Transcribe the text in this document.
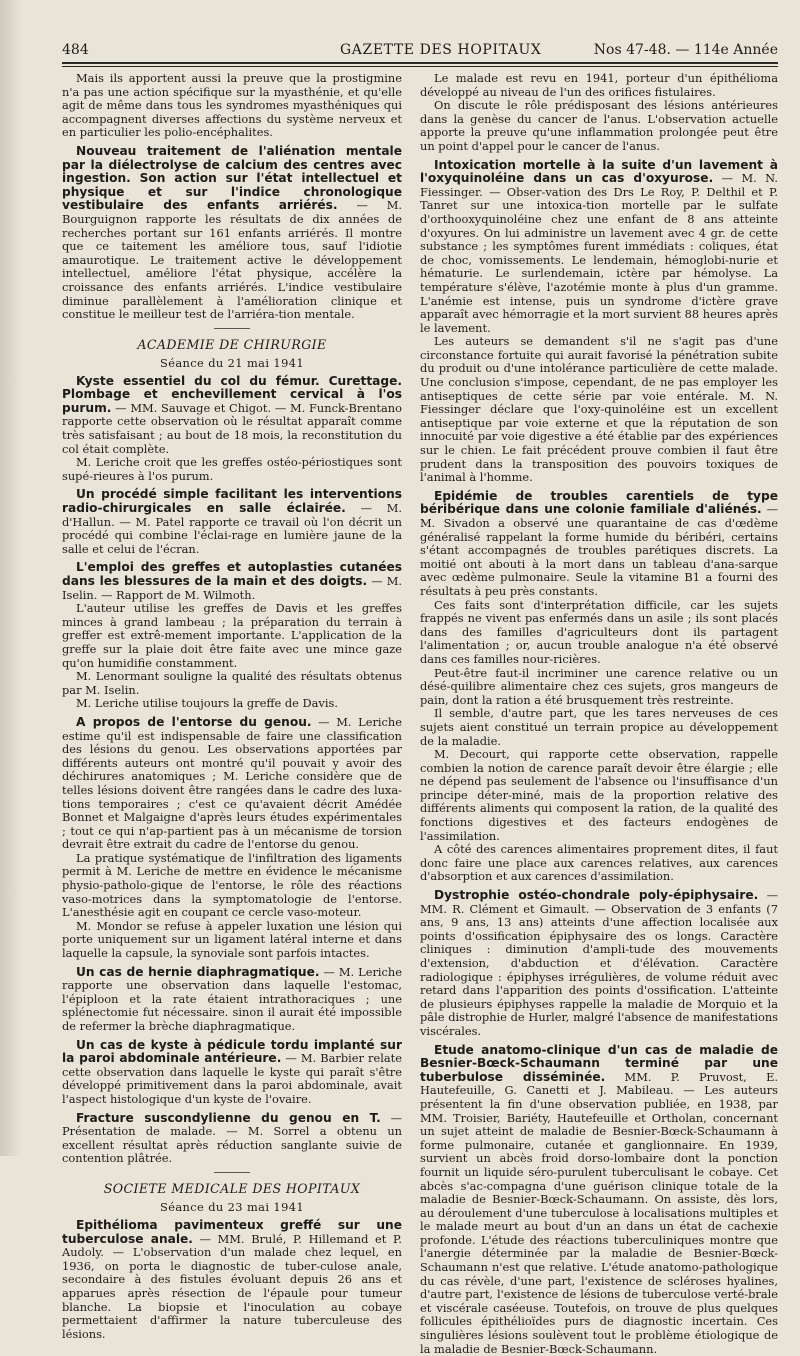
484	GAZETTE DES HOPITAUX	Nos 47-48. — 114e Année

Mais ils apportent aussi la preuve que la prostigmine n'a pas une action spécifique sur la myasthénie, et qu'elle agit de même dans tous les syndromes myasthéniques qui accompagnent diverses affections du système nerveux et en particulier les polio-encéphalites.

Nouveau traitement de l'aliénation mentale par la diélectrolyse de calcium des centres avec ingestion. Son action sur l'état intellectuel et physique et sur l'indice chronologique vestibulaire des enfants arriérés. — M. Bourguignon rapporte les résultats de dix années de recherches portant sur 161 enfants arriérés. Il montre que ce taitement les améliore tous, sauf l'idiotie amaurotique. Le traitement active le développement intellectuel, améliore l'état physique, accélère la croissance des enfants arriérés. L'indice vestibulaire diminue parallèlement à l'amélioration clinique et constitue le meilleur test de l'arriéra-tion mentale.

ACADEMIE DE CHIRURGIE
Séance du 21 mai 1941

Kyste essentiel du col du fémur. Curettage. Plombage et enchevillement cervical à l'os purum. — MM. Sauvage et Chigot. — M. Funck-Brentano rapporte cette observation où le résultat apparaît comme très satisfaisant ; au bout de 18 mois, la reconstitution du col était complète.

M. Leriche croit que les greffes ostéo-périostiques sont supé-rieures à l'os purum.

Un procédé simple facilitant les interventions radio-chirurgicales en salle éclairée. — M. d'Hallun. — M. Patel rapporte ce travail où l'on décrit un procédé qui combine l'éclai-rage en lumière jaune de la salle et celui de l'écran.

L'emploi des greffes et autoplasties cutanées dans les blessures de la main et des doigts. — M. Iselin. — Rapport de M. Wilmoth.

L'auteur utilise les greffes de Davis et les greffes minces à grand lambeau ; la préparation du terrain à greffer est extrê-mement importante. L'application de la greffe sur la plaie doit être faite avec une mince gaze qu'on humidifie constamment.

M. Lenormant souligne la qualité des résultats obtenus par M. Iselin.

M. Leriche utilise toujours la greffe de Davis.

A propos de l'entorse du genou. — M. Leriche estime qu'il est indispensable de faire une classification des lésions du genou. Les observations apportées par différents auteurs ont montré qu'il pouvait y avoir des déchirures anatomiques ; M. Leriche considère que de telles lésions doivent être rangées dans le cadre des luxa-tions temporaires ; c'est ce qu'avaient décrit Amédée Bonnet et Malgaigne d'après leurs études expérimentales ; tout ce qui n'ap-partient pas à un mécanisme de torsion devrait être extrait du cadre de l'entorse du genou.

La pratique systématique de l'infiltration des ligaments permit à M. Leriche de mettre en évidence le mécanisme physio-patholo-gique de l'entorse, le rôle des réactions vaso-motrices dans la symptomatologie de l'entorse. L'anesthésie agit en coupant ce cercle vaso-moteur.

M. Mondor se refuse à appeler luxation une lésion qui porte uniquement sur un ligament latéral interne et dans laquelle la capsule, la synoviale sont parfois intactes.

Un cas de hernie diaphragmatique. — M. Leriche rapporte une observation dans laquelle l'estomac, l'épiploon et la rate étaient intrathoraciques ; une splénectomie fut nécessaire. sinon il aurait été impossible de refermer la brèche diaphragmatique.

Un cas de kyste à pédicule tordu implanté sur la paroi abdominale antérieure. — M. Barbier relate cette observation dans laquelle le kyste qui paraît s'être développé primitivement dans la paroi abdominale, avait l'aspect histologique d'un kyste de l'ovaire.

Fracture suscondylienne du genou en T. — Présentation de malade. — M. Sorrel a obtenu un excellent résultat après réduction sanglante suivie de contention plâtrée.

SOCIETE MEDICALE DES HOPITAUX
Séance du 23 mai 1941

Epithélioma pavimenteux greffé sur une tuberculose anale. — MM. Brulé, P. Hillemand et P. Audoly. — L'observation d'un malade chez lequel, en 1936, on porta le diagnostic de tuber-culose anale, secondaire à des fistules évoluant depuis 26 ans et apparues après résection de l'épaule pour tumeur blanche. La biopsie et l'inoculation au cobaye permettaient d'affirmer la nature tuberculeuse des lésions.

Le malade est revu en 1941, porteur d'un épithélioma développé au niveau de l'un des orifices fistulaires.

On discute le rôle prédisposant des lésions antérieures dans la genèse du cancer de l'anus. L'observation actuelle apporte la preuve qu'une inflammation prolongée peut être un point d'appel pour le cancer de l'anus.

Intoxication mortelle à la suite d'un lavement à l'oxyquinoléine dans un cas d'oxyurose. — M. N. Fiessinger. — Obser-vation des Drs Le Roy, P. Delthil et P. Tanret sur une intoxica-tion mortelle par le sulfate d'orthooxyquinoléine chez une enfant de 8 ans atteinte d'oxyures. On lui administre un lavement avec 4 gr. de cette substance ; les symptômes furent immédiats : coliques, état de choc, vomissements. Le lendemain, hémoglobi-nurie et hématurie. Le surlendemain, ictère par hémolyse. La température s'élève, l'azotémie monte à plus d'un gramme. L'anémie est intense, puis un syndrome d'ictère grave apparaît avec hémorragie et la mort survient 88 heures après le lavement.

Les auteurs se demandent s'il ne s'agit pas d'une circonstance fortuite qui aurait favorisé la pénétration subite du produit ou d'une intolérance particulière de cette malade. Une conclusion s'impose, cependant, de ne pas employer les antiseptiques de cette série par voie entérale. M. N. Fiessinger déclare que l'oxy-quinoléine est un excellent antiseptique par voie externe et que la réputation de son innocuité par voie digestive a été établie par des expériences sur le chien. Le fait précédent prouve combien il faut être prudent dans la transposition des pouvoirs toxiques de l'animal à l'homme.

Epidémie de troubles carentiels de type béribérique dans une colonie familiale d'aliénés. — M. Sivadon a observé une quarantaine de cas d'œdème généralisé rappelant la forme humide du béribéri, certains s'étant accompagnés de troubles parétiques discrets. La moitié ont abouti à la mort dans un tableau d'ana-sarque avec œdème pulmonaire. Seule la vitamine B1 a fourni des résultats à peu près constants.

Ces faits sont d'interprétation difficile, car les sujets frappés ne vivent pas enfermés dans un asile ; ils sont placés dans des familles d'agriculteurs dont ils partagent l'alimentation ; or, aucun trouble analogue n'a été observé dans ces familles nour-ricières.

Peut-être faut-il incriminer une carence relative ou un désé-quilibre alimentaire chez ces sujets, gros mangeurs de pain, dont la ration a été brusquement très restreinte.

Il semble, d'autre part, que les tares nerveuses de ces sujets aient constitué un terrain propice au développement de la maladie.

M. Decourt, qui rapporte cette observation, rappelle combien la notion de carence paraît devoir être élargie ; elle ne dépend pas seulement de l'absence ou l'insuffisance d'un principe déter-miné, mais de la proportion relative des différents aliments qui composent la ration, de la qualité des fonctions digestives et des facteurs endogènes de l'assimilation.

A côté des carences alimentaires proprement dites, il faut donc faire une place aux carences relatives, aux carences d'absorption et aux carences d'assimilation.

Dystrophie ostéo-chondrale poly-épiphysaire. — MM. R. Clément et Gimault. — Observation de 3 enfants (7 ans, 9 ans, 13 ans) atteints d'une affection localisée aux points d'ossification épiphysaire des os longs. Caractère cliniques : diminution d'ampli-tude des mouvements d'extension, d'abduction et d'élévation. Caractère radiologique : épiphyses irrégulières, de volume réduit avec retard dans l'apparition des points d'ossification. L'atteinte de plusieurs épiphyses rappelle la maladie de Morquio et la pâle distrophie de Hurler, malgré l'absence de manifestations viscérales.

Etude anatomo-clinique d'un cas de maladie de Besnier-Bœck-Schaumann terminé par une tuberbulose disséminée. MM. P. Pruvost, E. Hautefeuille, G. Canetti et J. Mabileau. — Les auteurs présentent la fin d'une observation publiée, en 1938, par MM. Troisier, Bariéty, Hautefeuille et Ortholan, concernant un sujet atteint de maladie de Besnier-Bœck-Schaumann à forme pulmonaire, cutanée et ganglionnaire. En 1939, survient un abcès froid dorso-lombaire dont la ponction fournit un liquide séro-purulent tuberculisant le cobaye. Cet abcès s'ac-compagna d'une guérison clinique totale de la maladie de Besnier-Bœck-Schaumann. On assiste, dès lors, au déroulement d'une tuberculose à localisations multiples et le malade meurt au bout d'un an dans un état de cachexie profonde. L'étude des réactions tuberculiniques montre que l'anergie déterminée par la maladie de Besnier-Bœck-Schaumann n'est que relative. L'étude anatomo-pathologique du cas révèle, d'une part, l'existence de scléroses hyalines, d'autre part, l'existence de lésions de tuberculose verté-brale et viscérale caséeuse. Toutefois, on trouve de plus quelques follicules épithélioïdes purs de diagnostic incertain. Ces singulières lésions soulèvent tout le problème étiologique de la maladie de Besnier-Bœck-Schaumann.
